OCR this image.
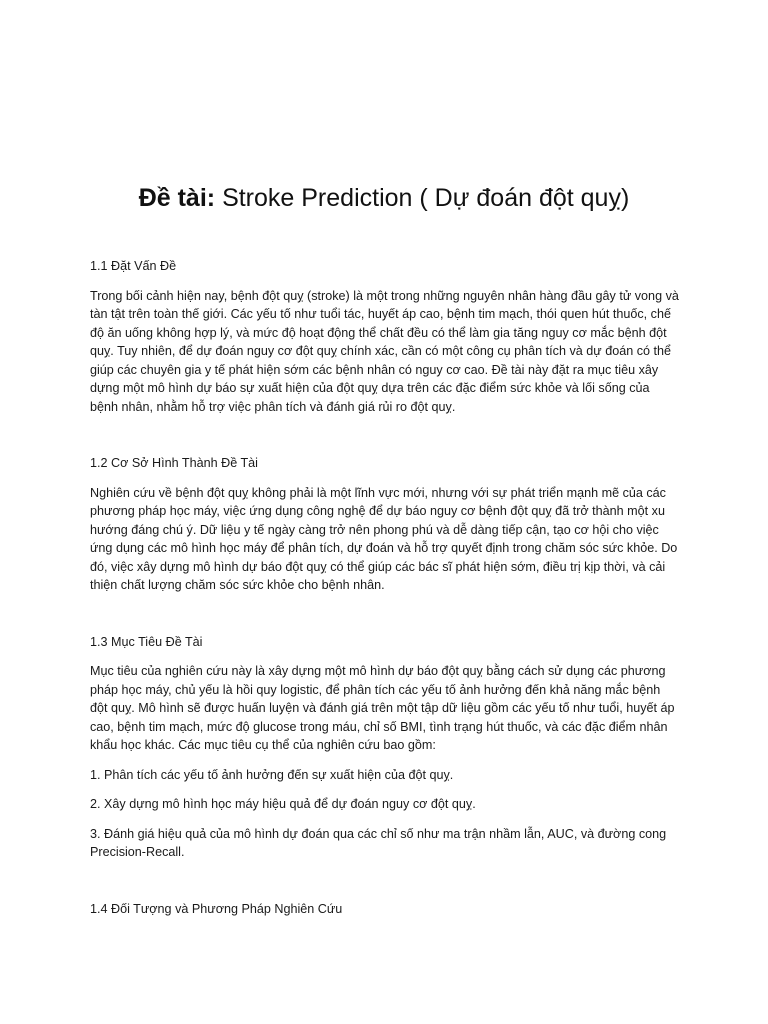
Đề tài: Stroke Prediction ( Dự đoán đột quỵ)
1.1 Đặt Vấn Đề

Trong bối cảnh hiện nay, bệnh đột quỵ (stroke) là một trong những nguyên nhân hàng đầu gây tử vong và tàn tật trên toàn thế giới. Các yếu tố như tuổi tác, huyết áp cao, bệnh tim mạch, thói quen hút thuốc, chế độ ăn uống không hợp lý, và mức độ hoạt động thể chất đều có thể làm gia tăng nguy cơ mắc bệnh đột quỵ. Tuy nhiên, để dự đoán nguy cơ đột quỵ chính xác, cần có một công cụ phân tích và dự đoán có thể giúp các chuyên gia y tế phát hiện sớm các bệnh nhân có nguy cơ cao. Đề tài này đặt ra mục tiêu xây dựng một mô hình dự báo sự xuất hiện của đột quỵ dựa trên các đặc điểm sức khỏe và lối sống của bệnh nhân, nhằm hỗ trợ việc phân tích và đánh giá rủi ro đột quỵ.

1.2 Cơ Sở Hình Thành Đề Tài

Nghiên cứu về bệnh đột quỵ không phải là một lĩnh vực mới, nhưng với sự phát triển mạnh mẽ của các phương pháp học máy, việc ứng dụng công nghệ để dự báo nguy cơ bệnh đột quỵ đã trở thành một xu hướng đáng chú ý. Dữ liệu y tế ngày càng trở nên phong phú và dễ dàng tiếp cận, tạo cơ hội cho việc ứng dụng các mô hình học máy để phân tích, dự đoán và hỗ trợ quyết định trong chăm sóc sức khỏe. Do đó, việc xây dựng mô hình dự báo đột quỵ có thể giúp các bác sĩ phát hiện sớm, điều trị kịp thời, và cải thiện chất lượng chăm sóc sức khỏe cho bệnh nhân.

1.3 Mục Tiêu Đề Tài

Mục tiêu của nghiên cứu này là xây dựng một mô hình dự báo đột quỵ bằng cách sử dụng các phương pháp học máy, chủ yếu là hồi quy logistic, để phân tích các yếu tố ảnh hưởng đến khả năng mắc bệnh đột quỵ. Mô hình sẽ được huấn luyện và đánh giá trên một tập dữ liệu gồm các yếu tố như tuổi, huyết áp cao, bệnh tim mạch, mức độ glucose trong máu, chỉ số BMI, tình trạng hút thuốc, và các đặc điểm nhân khẩu học khác. Các mục tiêu cụ thể của nghiên cứu bao gồm:

1. Phân tích các yếu tố ảnh hưởng đến sự xuất hiện của đột quỵ.

2. Xây dựng mô hình học máy hiệu quả để dự đoán nguy cơ đột quỵ.

3. Đánh giá hiệu quả của mô hình dự đoán qua các chỉ số như ma trận nhầm lẫn, AUC, và đường cong Precision-Recall.

1.4 Đối Tượng và Phương Pháp Nghiên Cứu
